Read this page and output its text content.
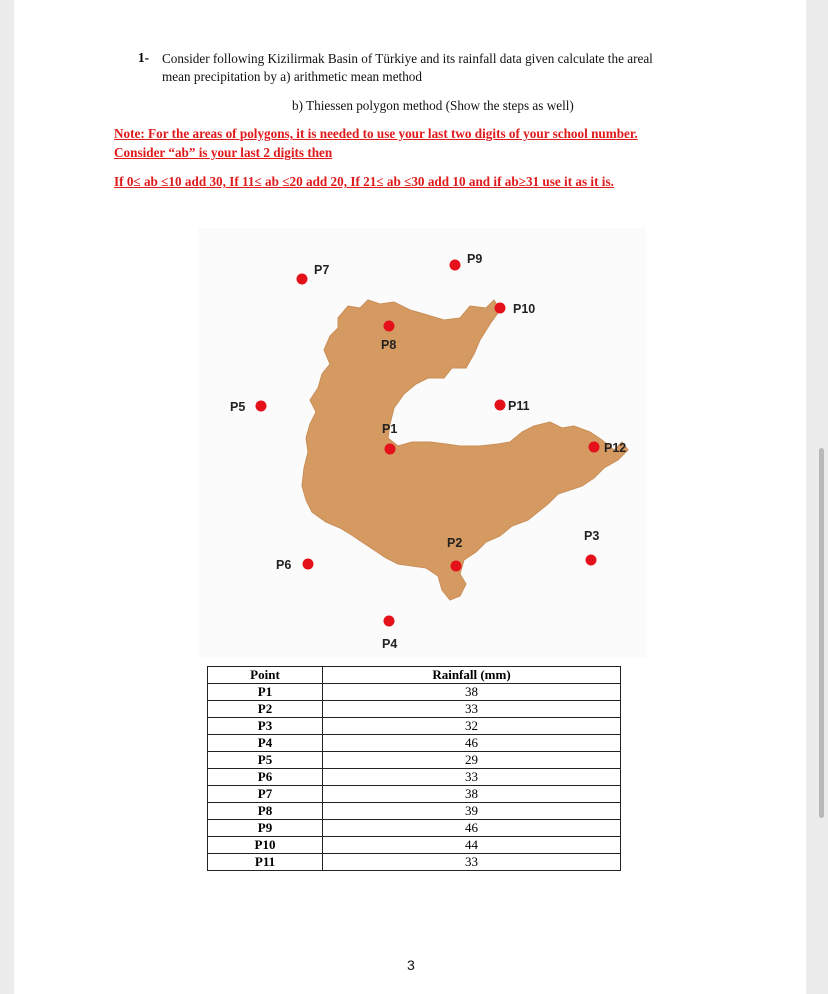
1- Consider following Kizilirmak Basin of Türkiye and its rainfall data given calculate the areal
mean precipitation by a) arithmetic mean method
b) Thiessen polygon method (Show the steps as well)
Note: For the areas of polygons, it is needed to use your last two digits of your school number.
Consider “ab” is your last 2 digits then
If 0≤ ab ≤10 add 30, If 11≤ ab ≤20 add 20, If 21≤ ab ≤30 add 10 and if ab≥31 use it as it is.
P7
P9
P10
P8
P5	P11
P1
P12
P3
P2
P6
P4
Point	Rainfall (mm)
P1	38
P2	33
P3	32
P4	46
P5	29
P6	33
P7	38
P8	39
P9	46
P10	44
P11	33
3
